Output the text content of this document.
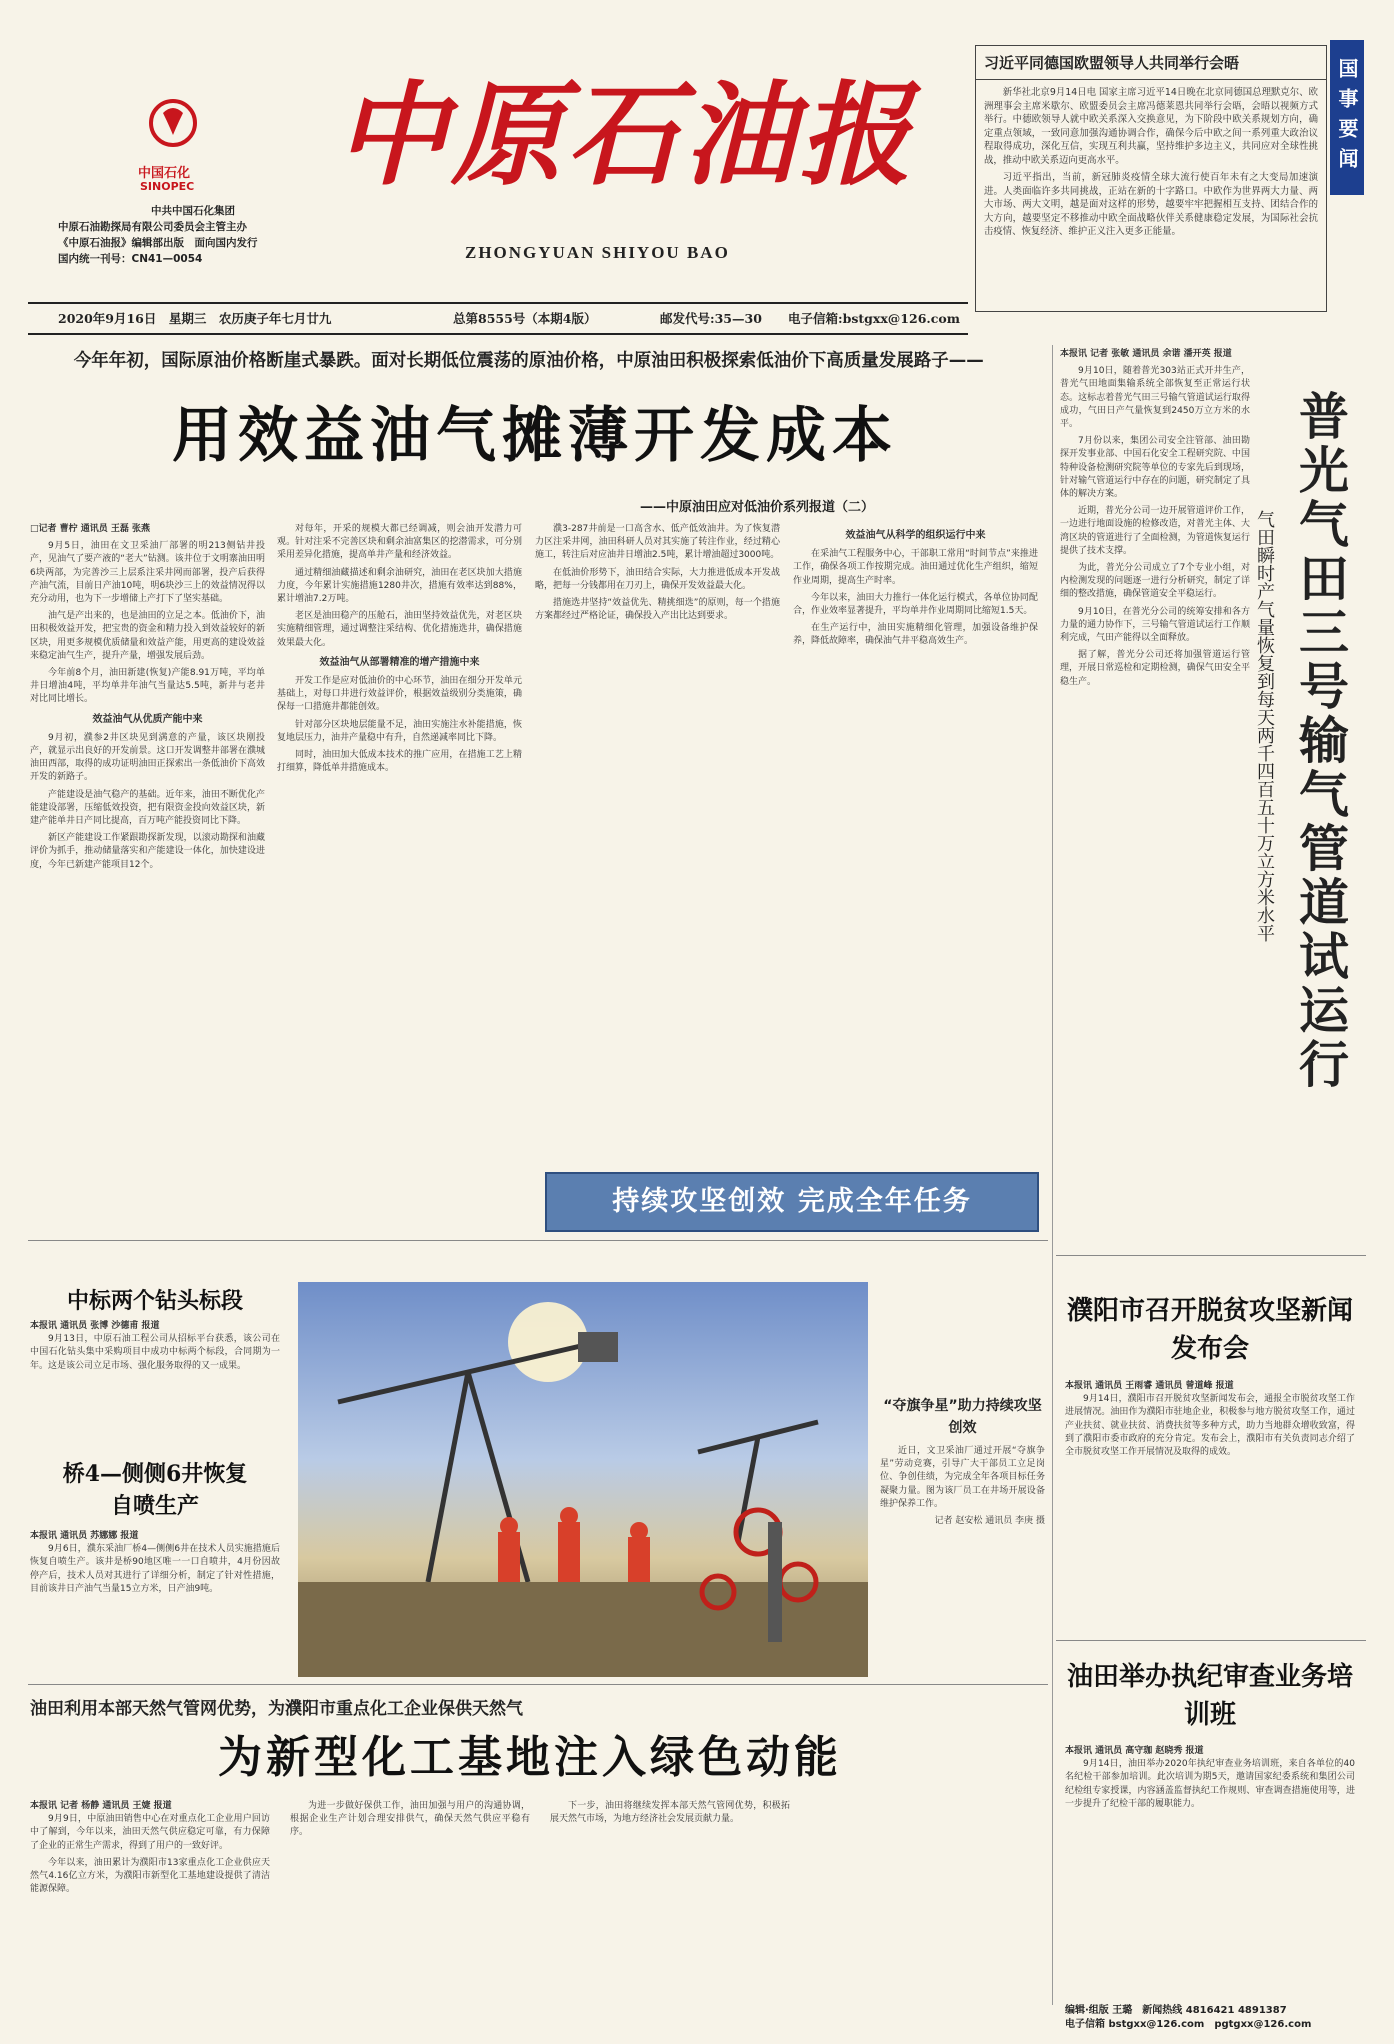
中国石化
SINOPEC
中共中国石化集团
中原石油勘探局有限公司委员会主管主办
《中原石油报》编辑部出版　面向国内发行
国内统一刊号：CN41—0054
中原石油报
ZHONGYUAN SHIYOU BAO
习近平同德国欧盟领导人共同举行会晤

新华社北京9月14日电 国家主席习近平14日晚在北京同德国总理默克尔、欧洲理事会主席米歇尔、欧盟委员会主席冯德莱恩共同举行会晤，会晤以视频方式举行。中德欧领导人就中欧关系深入交换意见，为下阶段中欧关系规划方向，确定重点领域，一致同意加强沟通协调合作，确保今后中欧之间一系列重大政治议程取得成功，深化互信，实现互利共赢，坚持维护多边主义，共同应对全球性挑战，推动中欧关系迈向更高水平。

习近平指出，当前，新冠肺炎疫情全球大流行使百年未有之大变局加速演进。人类面临许多共同挑战，正站在新的十字路口。中欧作为世界两大力量、两大市场、两大文明，越是面对这样的形势，越要牢牢把握相互支持、团结合作的大方向，越要坚定不移推动中欧全面战略伙伴关系健康稳定发展，为国际社会抗击疫情、恢复经济、维护正义注入更多正能量。

国事要闻
2020年9月16日　星期三　农历庚子年七月廿九	总第8555号（本期4版）	邮发代号:35—30 电子信箱:bstgxx@126.com
今年年初，国际原油价格断崖式暴跌。面对长期低位震荡的原油价格，中原油田积极探索低油价下高质量发展路子——
用效益油气摊薄开发成本
——中原油田应对低油价系列报道（二）
□记者 曹柠 通讯员 王磊 张燕

9月5日，油田在文卫采油厂部署的明213侧钻井投产，见油气了要产液的“老大”钻测。该井位于文明寨油田明6块两部，为完善沙三上层系注采井网而部署，投产后获得产油气流，目前日产油10吨，明6块沙三上的效益情况得以充分动用，也为下一步增储上产打下了坚实基础。

油气是产出来的，也是油田的立足之本。低油价下，油田积极效益开发，把宝贵的资金和精力投入到效益较好的新区块，用更多规模优质储量和效益产能，用更高的建设效益来稳定油气生产，提升产量，增强发展后劲。

今年前8个月，油田新建(恢复)产能8.91万吨，平均单井日增油4吨，平均单井年油气当量达5.5吨，新井与老井对比同比增长。

效益油气从优质产能中来

9月初，濮参2井区块见到满意的产量，该区块刚投产，就显示出良好的开发前景。这口开发调整井部署在濮城油田西部，取得的成功证明油田正探索出一条低油价下高效开发的新路子。

产能建设是油气稳产的基础。近年来，油田不断优化产能建设部署，压缩低效投资，把有限资金投向效益区块，新建产能单井日产同比提高，百万吨产能投资同比下降。

新区产能建设工作紧跟勘探新发现，以滚动勘探和油藏评价为抓手，推动储量落实和产能建设一体化，加快建设进度，今年已新建产能项目12个。

对每年，开采的规模大都已经调减，则会油开发潜力可观。针对注采不完善区块和剩余油富集区的挖潜需求，可分别采用差异化措施，提高单井产量和经济效益。

通过精细油藏描述和剩余油研究，油田在老区块加大措施力度，今年累计实施措施1280井次，措施有效率达到88%，累计增油7.2万吨。

老区是油田稳产的压舱石，油田坚持效益优先，对老区块实施精细管理，通过调整注采结构、优化措施选井，确保措施效果最大化。

效益油气从部署精准的增产措施中来

开发工作是应对低油价的中心环节，油田在细分开发单元基础上，对每口井进行效益评价，根据效益级别分类施策，确保每一口措施井都能创效。

针对部分区块地层能量不足，油田实施注水补能措施，恢复地层压力，油井产量稳中有升，自然递减率同比下降。

同时，油田加大低成本技术的推广应用，在措施工艺上精打细算，降低单井措施成本。

濮3-287井前是一口高含水、低产低效油井。为了恢复潜力区注采井网，油田科研人员对其实施了转注作业，经过精心施工，转注后对应油井日增油2.5吨，累计增油超过3000吨。

在低油价形势下，油田结合实际，大力推进低成本开发战略，把每一分钱都用在刀刃上，确保开发效益最大化。

措施选井坚持“效益优先、精挑细选”的原则，每一个措施方案都经过严格论证，确保投入产出比达到要求。

效益油气从科学的组织运行中来

在采油气工程服务中心，干部职工常用“时间节点”来推进工作，确保各项工作按期完成。油田通过优化生产组织，缩短作业周期，提高生产时率。

今年以来，油田大力推行一体化运行模式，各单位协同配合，作业效率显著提升，平均单井作业周期同比缩短1.5天。

在生产运行中，油田实施精细化管理，加强设备维护保养，降低故障率，确保油气井平稳高效生产。

持续攻坚创效 完成全年任务
本报讯 记者 张敏 通讯员 余谐 潘开英 报道

9月10日，随着普光303站正式开井生产，普光气田地面集输系统全部恢复至正常运行状态。这标志着普光气田三号输气管道试运行取得成功，气田日产气量恢复到2450万立方米的水平。

7月份以来，集团公司安全注管部、油田勘探开发事业部、中国石化安全工程研究院、中国特种设备检测研究院等单位的专家先后到现场，针对输气管道运行中存在的问题，研究制定了具体的解决方案。

近期，普光分公司一边开展管道评价工作，一边进行地面设施的检修改造，对普光主体、大湾区块的管道进行了全面检测，为管道恢复运行提供了技术支撑。

为此，普光分公司成立了7个专业小组，对内检测发现的问题逐一进行分析研究，制定了详细的整改措施，确保管道安全平稳运行。

9月10日，在普光分公司的统筹安排和各方力量的通力协作下，三号输气管道试运行工作顺利完成，气田产能得以全面释放。

据了解，普光分公司还将加强管道运行管理，开展日常巡检和定期检测，确保气田安全平稳生产。	普光气田三号输气管道试运行
气田瞬时产气量恢复到每天两千四百五十万立方米水平
中标两个钻头标段
本报讯 通讯员 张博 沙德甫 报道

9月13日，中原石油工程公司从招标平台获悉，该公司在中国石化钻头集中采购项目中成功中标两个标段，合同期为一年。这是该公司立足市场、强化服务取得的又一成果。

桥4—侧侧6井恢复自喷生产
本报讯 通讯员 苏娜娜 报道

9月6日，濮东采油厂桥4—侧侧6井在技术人员实施措施后恢复自喷生产。该井是桥90地区唯一一口自喷井，4月份因故停产后，技术人员对其进行了详细分析，制定了针对性措施，目前该井日产油气当量15立方米，日产油9吨。

“夺旗争星”助力持续攻坚创效

近日，文卫采油厂通过开展“夺旗争星”劳动竞赛，引导广大干部员工立足岗位、争创佳绩，为完成全年各项目标任务凝聚力量。图为该厂员工在井场开展设备维护保养工作。

记者 赵安松 通讯员 李庚 摄
濮阳市召开脱贫攻坚新闻发布会
本报讯 通讯员 王雨睿 通讯员 曾道峰 报道

9月14日，濮阳市召开脱贫攻坚新闻发布会，通报全市脱贫攻坚工作进展情况。油田作为濮阳市驻地企业，积极参与地方脱贫攻坚工作，通过产业扶贫、就业扶贫、消费扶贫等多种方式，助力当地群众增收致富，得到了濮阳市委市政府的充分肯定。发布会上，濮阳市有关负责同志介绍了全市脱贫攻坚工作开展情况及取得的成效。

油田举办执纪审查业务培训班
本报讯 通讯员 高守珈 赵晓秀 报道

9月14日，油田举办2020年执纪审查业务培训班，来自各单位的40名纪检干部参加培训。此次培训为期5天，邀请国家纪委系统和集团公司纪检组专家授课，内容涵盖监督执纪工作规则、审查调查措施使用等，进一步提升了纪检干部的履职能力。

油田利用本部天然气管网优势，为濮阳市重点化工企业保供天然气
为新型化工基地注入绿色动能
本报讯 记者 杨静 通讯员 王婕 报道

9月9日，中原油田销售中心在对重点化工企业用户回访中了解到，今年以来，油田天然气供应稳定可靠，有力保障了企业的正常生产需求，得到了用户的一致好评。

今年以来，油田累计为濮阳市13家重点化工企业供应天然气4.16亿立方米，为濮阳市新型化工基地建设提供了清洁能源保障。

为进一步做好保供工作，油田加强与用户的沟通协调，根据企业生产计划合理安排供气，确保天然气供应平稳有序。

下一步，油田将继续发挥本部天然气管网优势，积极拓展天然气市场，为地方经济社会发展贡献力量。

编辑·组版 王璐　新闻热线 4816421 4891387
电子信箱 bstgxx@126.com　pgtgxx@126.com
